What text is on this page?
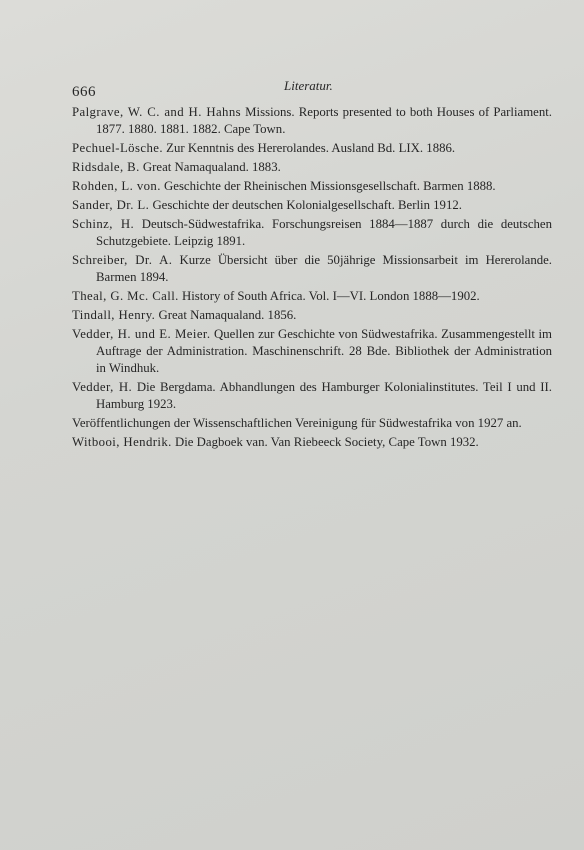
666	Literatur.
Palgrave, W. C. and H. Hahns Missions. Reports presented to both Houses of Parliament. 1877. 1880. 1881. 1882. Cape Town.
Pechuel-Lösche. Zur Kenntnis des Hererolandes. Ausland Bd. LIX. 1886.
Ridsdale, B. Great Namaqualand. 1883.
Rohden, L. von. Geschichte der Rheinischen Missionsgesellschaft. Barmen 1888.
Sander, Dr. L. Geschichte der deutschen Kolonialgesellschaft. Berlin 1912.
Schinz, H. Deutsch-Südwestafrika. Forschungsreisen 1884—1887 durch die deutschen Schutzgebiete. Leipzig 1891.
Schreiber, Dr. A. Kurze Übersicht über die 50jährige Missionsarbeit im Hererolande. Barmen 1894.
Theal, G. Mc. Call. History of South Africa. Vol. I—VI. London 1888—1902.
Tindall, Henry. Great Namaqualand. 1856.
Vedder, H. und E. Meier. Quellen zur Geschichte von Südwestafrika. Zusammengestellt im Auftrage der Administration. Maschinenschrift. 28 Bde. Bibliothek der Administration in Windhuk.
Vedder, H. Die Bergdama. Abhandlungen des Hamburger Kolonialinstitutes. Teil I und II. Hamburg 1923.
Veröffentlichungen der Wissenschaftlichen Vereinigung für Südwestafrika von 1927 an.
Witbooi, Hendrik. Die Dagboek van. Van Riebeeck Society, Cape Town 1932.
